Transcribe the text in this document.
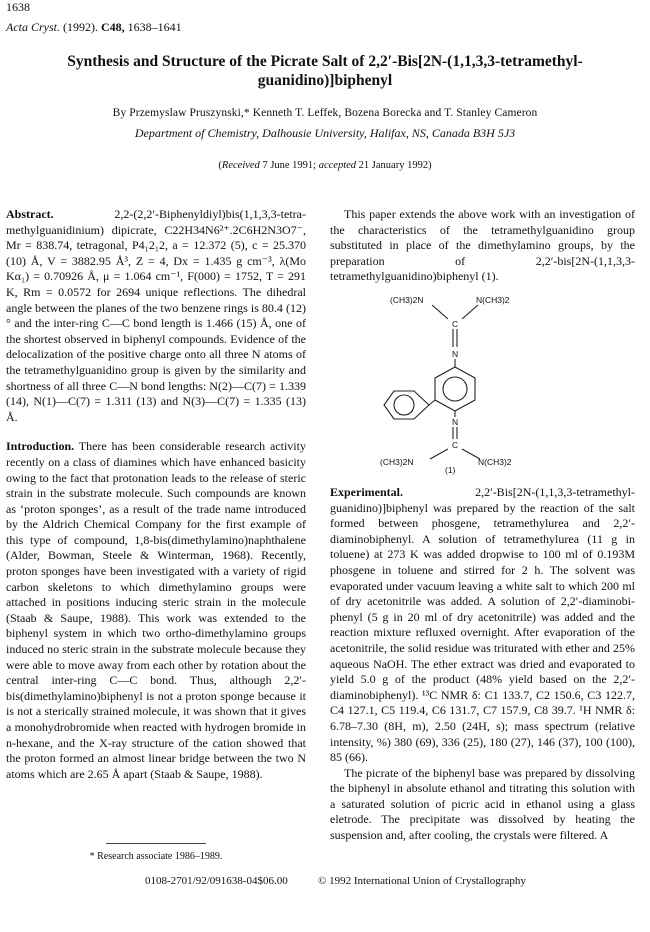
1638
Acta Cryst. (1992). C48, 1638–1641
Synthesis and Structure of the Picrate Salt of 2,2′-Bis[2N-(1,1,3,3-tetramethyl-
guanidino)]biphenyl
By Przemyslaw Pruszynski,* Kenneth T. Leffek, Bozena Borecka and T. Stanley Cameron
Department of Chemistry, Dalhousie University, Halifax, NS, Canada B3H 5J3
(Received 7 June 1991; accepted 21 January 1992)

Abstract.	2,2-(2,2′-Biphenyldiyl)bis(1,1,3,3-tetramethylguanidinium) dipicrate, C22H34N6²⁺.2C6H2N3O7⁻, Mr = 838.74, tetragonal, P4₁2₁2, a = 12.372 (5), c = 25.370 (10) Å, V = 3882.95 Å³, Z = 4, Dx = 1.435 g cm⁻³, λ(Mo Kα₁) = 0.70926 Å, μ = 1.064 cm⁻¹, F(000) = 1752, T = 291 K, Rm = 0.0572 for 2694 unique reflections. The dihedral angle between the planes of the two benzene rings is 80.4 (12)° and the inter-ring C—C bond length is 1.466 (15) Å, one of the shortest observed in biphenyl compounds. Evidence of the delocalization of the positive charge onto all three N atoms of the tetramethylguanidino group is given by the similarity and shortness of all three C—N bond lengths: N(2)—C(7) = 1.339 (14), N(1)—C(7) = 1.311 (13) and N(3)—C(7) = 1.335 (13) Å.

Introduction. There has been considerable research activity recently on a class of diamines which have enhanced basicity owing to the fact that protonation leads to the release of steric strain in the substrate molecule. Such compounds are known as ‘proton sponges’, as a result of the trade name introduced by the Aldrich Chemical Company for the first example of this type of compound, 1,8-bis(dimethylamino)naphthalene (Alder, Bowman, Steele & Winterman, 1968). Recently, proton sponges have been investigated with a variety of rigid carbon skeletons to which dimethylamino groups were attached in positions inducing steric strain in the molecule (Staab & Saupe, 1988). This work was extended to the biphenyl system in which two ortho-dimethylamino groups induced no steric strain in the substrate molecule because they were able to move away from each other by rotation about the central inter-ring C—C bond. Thus, although 2,2′-bis(dimethylamino)biphenyl is not a proton sponge because it is not a sterically strained molecule, it was shown that it gives a monohydrobromide when reacted with hydrogen bromide in n-hexane, and the X-ray structure of the cation showed that the proton formed an almost linear bridge between the two N atoms which are 2.65 Å apart (Staab & Saupe, 1988).

This paper extends the above work with an investigation of the characteristics of the tetramethylguanidino group substituted in place of the dimethylamino groups, by the preparation of 2,2′-bis[2N-(1,1,3,3-tetramethylguanidino)biphenyl (1).

(CH3)2N	N(CH3)2
C
N
N
C
(CH3)2N	N(CH3)2
(1)

Experimental.	2,2′-Bis[2N-(1,1,3,3-tetramethylguanidino)]biphenyl was prepared by the reaction of the salt formed between phosgene, tetramethylurea and 2,2′-diaminobiphenyl. A solution of tetramethylurea (11 g in toluene) at 273 K was added dropwise to 100 ml of 0.193M phosgene in toluene and stirred for 2 h. The solvent was evaporated under vacuum leaving a white salt to which 200 ml of dry acetonitrile was added. A solution of 2,2′-diaminobiphenyl (5 g in 20 ml of dry acetonitrile) was added and the reaction mixture refluxed overnight. After evaporation of the acetonitrile, the solid residue was triturated with ether and 25% aqueous NaOH. The ether extract was dried and evaporated to yield 5.0 g of the product (48% yield based on the 2,2′-diaminobiphenyl). ¹³C NMR δ: C1 133.7, C2 150.6, C3 122.7, C4 127.1, C5 119.4, C6 131.7, C7 157.9, C8 39.7. ¹H NMR δ: 6.78–7.30 (8H, m), 2.50 (24H, s); mass spectrum (relative intensity, %) 380 (69), 336 (25), 180 (27), 146 (37), 100 (100), 85 (66).

The picrate of the biphenyl base was prepared by dissolving the biphenyl in absolute ethanol and titrating this solution with a saturated solution of picric acid in ethanol using a glass eletrode. The precipitate was dissolved by heating the suspension and, after cooling, the crystals were filtered. A

* Research associate 1986–1989.
0108-2701/92/091638-04$06.00	© 1992 International Union of Crystallography
